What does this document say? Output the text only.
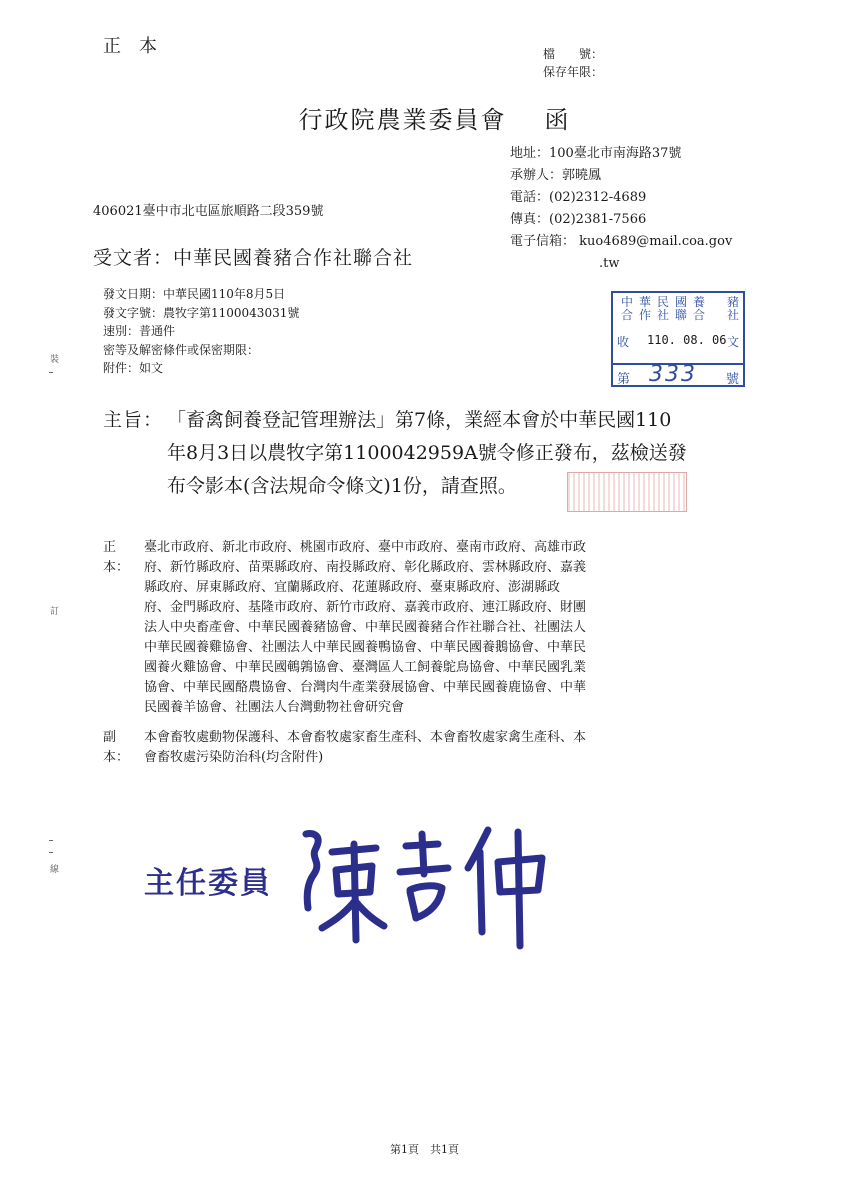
正本	檔　　號：
保存年限：
行政院農業委員會 函
地址：100臺北市南海路37號
承辦人：郭曉鳳
電話：(02)2312-4689
傳真：(02)2381-7566
電子信箱： kuo4689@mail.coa.gov
.tw
406021臺中市北屯區旅順路二段359號
受文者：中華民國養豬合作社聯合社
發文日期：中華民國110年8月5日
發文字號：農牧字第1100043031號
速別：普通件
密等及解密條件或保密期限：
附件：如文
中華民國養
合作社聯合
豬社
收 110. 08. 06 文
第 333 號
主旨： 「畜禽飼養登記管理辦法」第7條，業經本會於中華民國110
年8月3日以農牧字第1100042959A號令修正發布，茲檢送發
布令影本(含法規命令條文)1份，請查照。
正本：
臺北市政府、新北市政府、桃園市政府、臺中市政府、臺南市政府、高雄市政
府、新竹縣政府、苗栗縣政府、南投縣政府、彰化縣政府、雲林縣政府、嘉義
縣政府、屏東縣政府、宜蘭縣政府、花蓮縣政府、臺東縣政府、澎湖縣政
府、金門縣政府、基隆市政府、新竹市政府、嘉義市政府、連江縣政府、財團
法人中央畜產會、中華民國養豬協會、中華民國養豬合作社聯合社、社團法人
中華民國養雞協會、社團法人中華民國養鴨協會、中華民國養鵝協會、中華民
國養火雞協會、中華民國鵪鶉協會、臺灣區人工飼養鴕鳥協會、中華民國乳業
協會、中華民國酪農協會、台灣肉牛產業發展協會、中華民國養鹿協會、中華
民國養羊協會、社團法人台灣動物社會研究會
副本：
本會畜牧處動物保護科、本會畜牧處家畜生產科、本會畜牧處家禽生產科、本
會畜牧處污染防治科(均含附件)
主任委員
裝
訂
線
第1頁　共1頁
